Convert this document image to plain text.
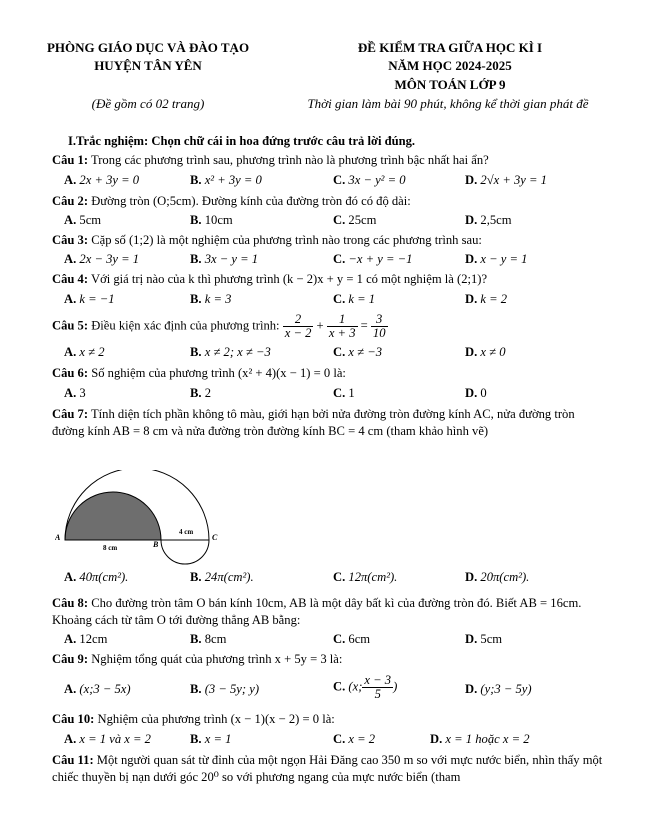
PHÒNG GIÁO DỤC VÀ ĐÀO TẠO
HUYỆN TÂN YÊN
(Đề gồm có 02 trang)
ĐỀ KIỂM TRA GIỮA HỌC KÌ I
NĂM HỌC 2024-2025
MÔN TOÁN LỚP 9
Thời gian làm bài 90 phút, không kể thời gian phát đề
I.Trắc nghiệm: Chọn chữ cái in hoa đứng trước câu trả lời đúng.
Câu 1: Trong các phương trình sau, phương trình nào là phương trình bậc nhất hai ẩn?
A. 2x + 3y = 0	B. x² + 3y = 0	C. 3x − y² = 0	D. 2√x + 3y = 1
Câu 2: Đường tròn (O;5cm). Đường kính của đường tròn đó có độ dài:
A. 5cm	B. 10cm	C. 25cm	D. 2,5cm
Câu 3: Cặp số (1;2) là một nghiệm của phương trình nào trong các phương trình sau:
A. 2x − 3y = 1	B. 3x − y = 1	C. −x + y = −1	D. x − y = 1
Câu 4: Với giá trị nào của k thì phương trình (k − 2)x + y = 1 có một nghiệm là (2;1)?
A. k = −1	B. k = 3	C. k = 1	D. k = 2
Câu 5: Điều kiện xác định của phương trình: $\frac{2}{x - 2} + \frac{1}{x + 3} = \frac{3}{10}$
A. x ≠ 2	B. x ≠ 2; x ≠ −3	C. x ≠ −3	D. x ≠ 0
Câu 6: Số nghiệm của phương trình (x² + 4)(x − 1) = 0 là:
A. 3	B. 2	C. 1	D. 0
Câu 7: Tính diện tích phần không tô màu, giới hạn bởi nửa đường tròn đường kính AC, nửa đường tròn đường kính AB = 8 cm và nửa đường tròn đường kính BC = 4 cm (tham khảo hình vẽ)
A
B
C
8 cm
4 cm
A. 40π(cm²).	B. 24π(cm²).	C. 12π(cm²).	D. 20π(cm²).
Câu 8: Cho đường tròn tâm O bán kính 10cm, AB là một dây bất kì của đường tròn đó. Biết AB = 16cm. Khoảng cách từ tâm O tới đường thẳng AB bằng:
A. 12cm	B. 8cm	C. 6cm	D. 5cm
Câu 9: Nghiệm tổng quát của phương trình x + 5y = 3 là:
A. (x;3 − 5x)	B. (3 − 5y; y)	C. (x; $\frac{x - 3}{5}$ )	D. (y;3 − 5y)
Câu 10: Nghiệm của phương trình (x − 1)(x − 2) = 0 là:
A. x = 1 và x = 2	B. x = 1	C. x = 2	D. x = 1 hoặc x = 2
Câu 11: Một người quan sát từ đỉnh của một ngọn Hải Đăng cao 350 m so với mực nước biển, nhìn thấy một chiếc thuyền bị nạn dưới góc 20⁰ so với phương ngang của mực nước biển (tham
